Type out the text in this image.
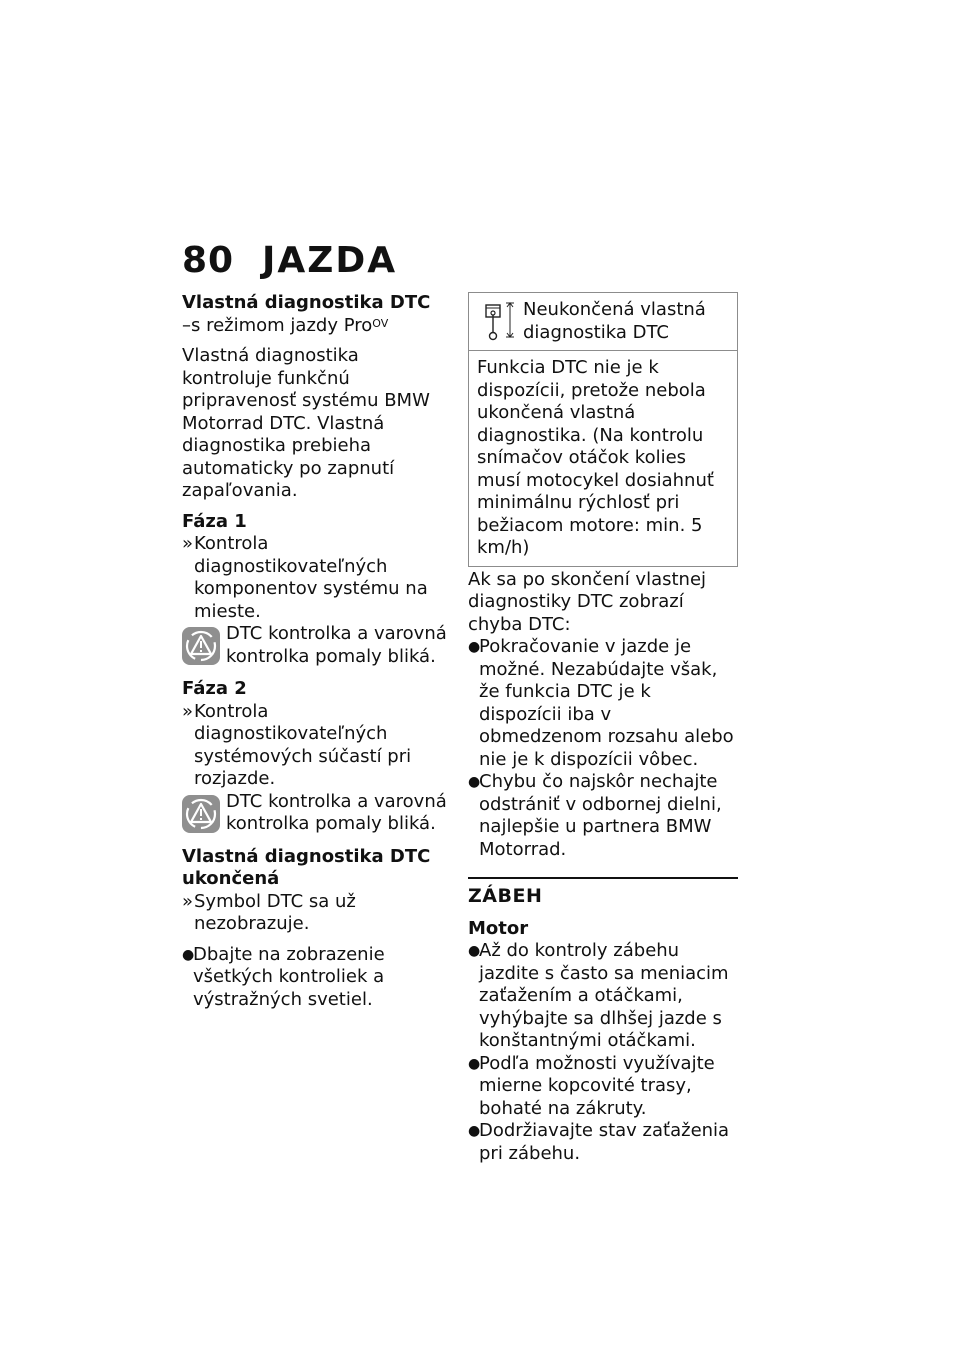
80 JAZDA
Vlastná diagnostika DTC
–s režimom jazdy Pro$^{OV}$

Vlastná diagnostika kontroluje funkčnú pripravenosť systému BMW Motorrad DTC. Vlastná diagnostika prebieha automaticky po zapnutí zapaľovania.

Fáza 1
» Kontrola diagnostikovateľných komponentov systému na mieste.
DTC kontrolka a varovná kontrolka pomaly bliká.
Fáza 2
» Kontrola diagnostikovateľných systémových súčastí pri rozjazde.
DTC kontrolka a varovná kontrolka pomaly bliká.
Vlastná diagnostika DTC ukončená
» Symbol DTC sa už nezobrazuje.
●
Dbajte na zobrazenie všetkých kontroliek a výstražných svetiel.
Neukončená vlastná diagnostika DTC
Funkcia DTC nie je k dispozícii, pretože nebola ukončená vlastná diagnostika. (Na kontrolu snímačov otáčok kolies musí motocykel dosiahnuť minimálnu rýchlosť pri bežiacom motore: min. 5 km/h)

Ak sa po skončení vlastnej diagnostiky DTC zobrazí chyba DTC:

●
Pokračovanie v jazde je možné. Nezabúdajte však, že funkcia DTC je k dispozícii iba v obmedzenom rozsahu alebo nie je k dispozícii vôbec.
●
Chybu čo najskôr nechajte odstrániť v odbornej dielni, najlepšie u partnera BMW Motorrad.
ZÁBEH
Motor
●
Až do kontroly zábehu jazdite s často sa meniacim zaťažením a otáčkami, vyhýbajte sa dlhšej jazde s konštantnými otáčkami.
●
Podľa možnosti využívajte mierne kopcovité trasy, bohaté na zákruty.
●
Dodržiavajte stav zaťaženia pri zábehu.
